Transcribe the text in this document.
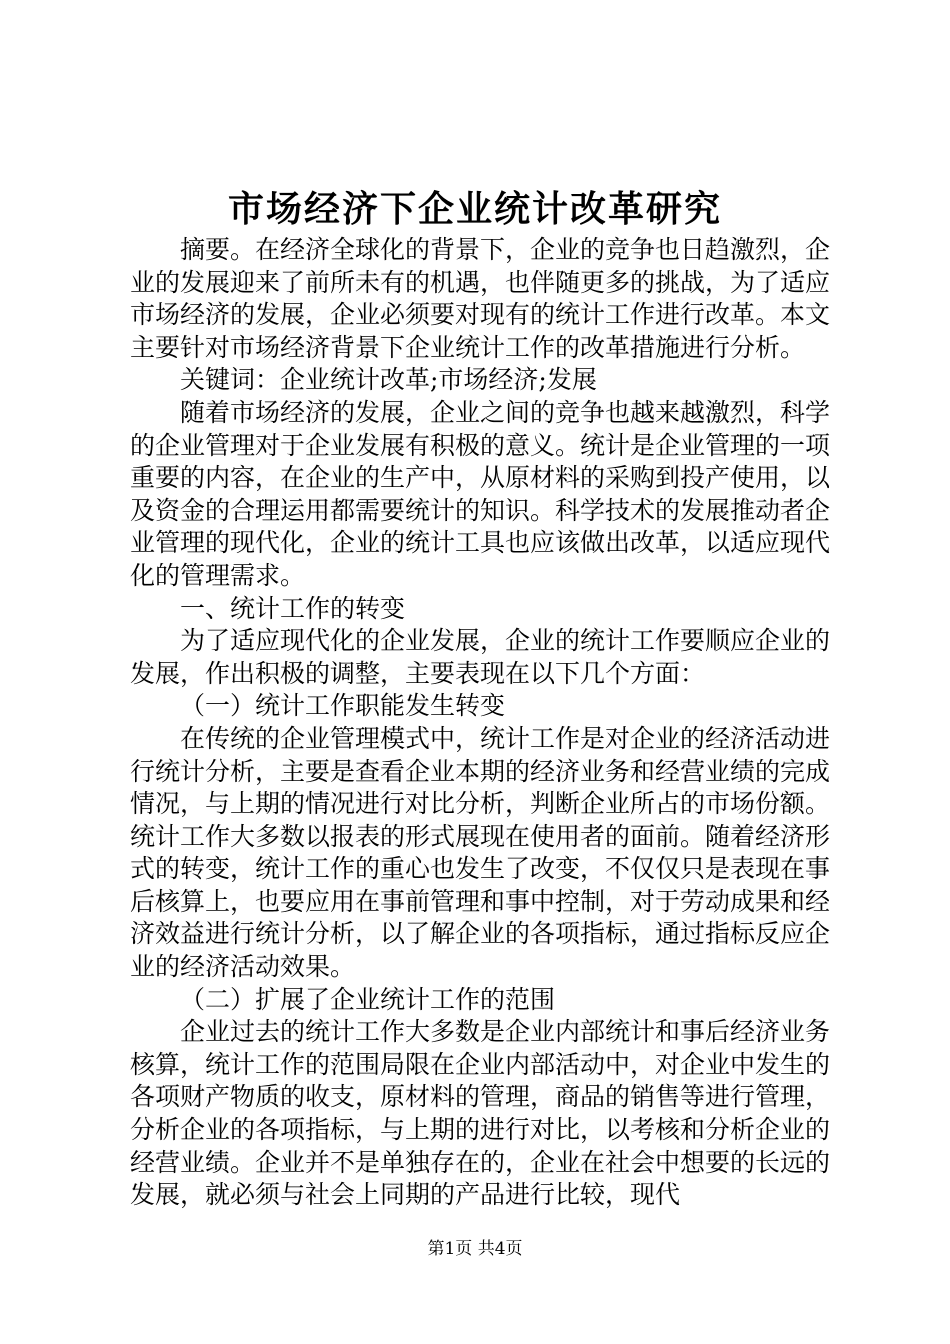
市场经济下企业统计改革研究

摘要。在经济全球化的背景下，企业的竞争也日趋激烈，企业的发展迎来了前所未有的机遇，也伴随更多的挑战，为了适应市场经济的发展，企业必须要对现有的统计工作进行改革。本文主要针对市场经济背景下企业统计工作的改革措施进行分析。

关键词：企业统计改革;市场经济;发展

随着市场经济的发展，企业之间的竞争也越来越激烈，科学的企业管理对于企业发展有积极的意义。统计是企业管理的一项重要的内容，在企业的生产中，从原材料的采购到投产使用，以及资金的合理运用都需要统计的知识。科学技术的发展推动者企业管理的现代化，企业的统计工具也应该做出改革，以适应现代化的管理需求。

一、统计工作的转变

为了适应现代化的企业发展，企业的统计工作要顺应企业的发展，作出积极的调整，主要表现在以下几个方面：

（一）统计工作职能发生转变

在传统的企业管理模式中，统计工作是对企业的经济活动进行统计分析，主要是查看企业本期的经济业务和经营业绩的完成情况，与上期的情况进行对比分析，判断企业所占的市场份额。统计工作大多数以报表的形式展现在使用者的面前。随着经济形式的转变，统计工作的重心也发生了改变，不仅仅只是表现在事后核算上，也要应用在事前管理和事中控制，对于劳动成果和经济效益进行统计分析，以了解企业的各项指标，通过指标反应企业的经济活动效果。

（二）扩展了企业统计工作的范围

企业过去的统计工作大多数是企业内部统计和事后经济业务核算，统计工作的范围局限在企业内部活动中，对企业中发生的各项财产物质的收支，原材料的管理，商品的销售等进行管理，分析企业的各项指标，与上期的进行对比，以考核和分析企业的经营业绩。企业并不是单独存在的，企业在社会中想要的长远的发展，就必须与社会上同期的产品进行比较，现代

第1页 共4页
